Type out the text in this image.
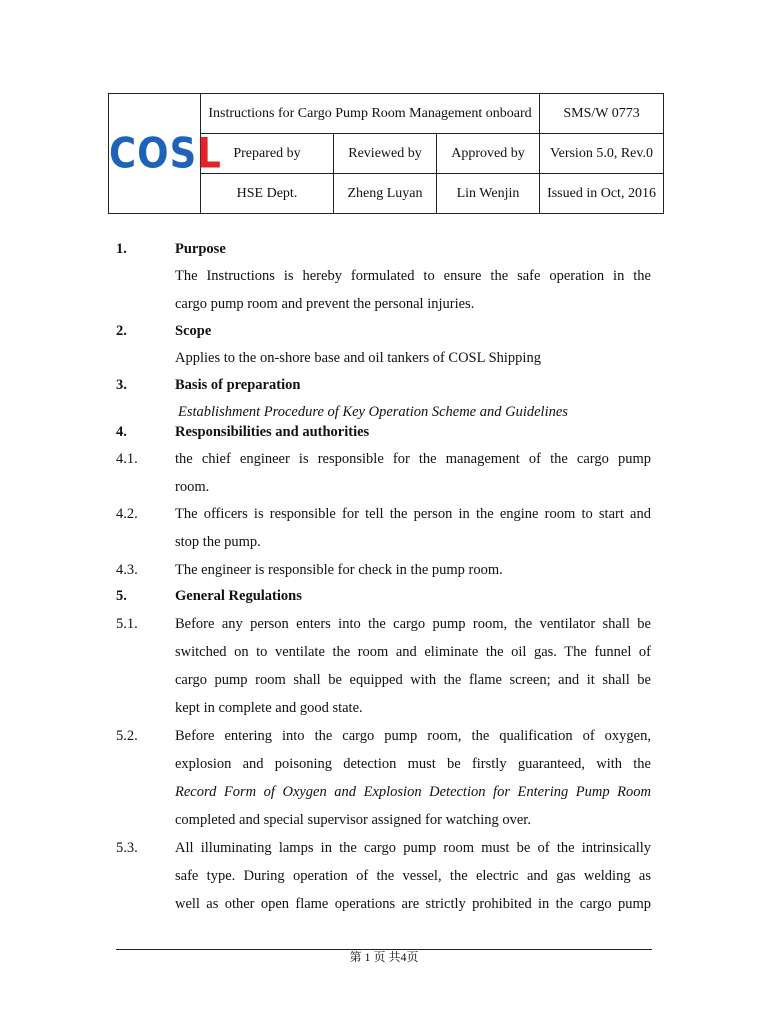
COSL	Instructions for Cargo Pump Room Management onboard			SMS/W 0773
	Prepared by	Reviewed by	Approved by	Version 5.0, Rev.0
	HSE Dept.	Zheng Luyan	Lin Wenjin	Issued in Oct, 2016
1.	Purpose
The Instructions is hereby formulated to ensure the safe operation in the
cargo pump room and prevent the personal injuries.
2.	Scope
Applies to the on-shore base and oil tankers of COSL Shipping
3.	Basis of preparation
Establishment Procedure of Key Operation Scheme and Guidelines
4.	Responsibilities and authorities
4.1.	the chief engineer is responsible for the management of the cargo pump
room.
4.2.	The officers is responsible for tell the person in the engine room to start and
stop the pump.
4.3.	The engineer is responsible for check in the pump room.
5.	General Regulations
5.1.	Before any person enters into the cargo pump room, the ventilator shall be
switched on to ventilate the room and eliminate the oil gas. The funnel of
cargo pump room shall be equipped with the flame screen; and it shall be
kept in complete and good state.
5.2.	Before entering into the cargo pump room, the qualification of oxygen,
explosion and poisoning detection must be firstly guaranteed, with the
Record Form of Oxygen and Explosion Detection for Entering Pump Room
completed and special supervisor assigned for watching over.
5.3.	All illuminating lamps in the cargo pump room must be of the intrinsically
safe type. During operation of the vessel, the electric and gas welding as
well as other open flame operations are strictly prohibited in the cargo pump
第 1 页 共4页
